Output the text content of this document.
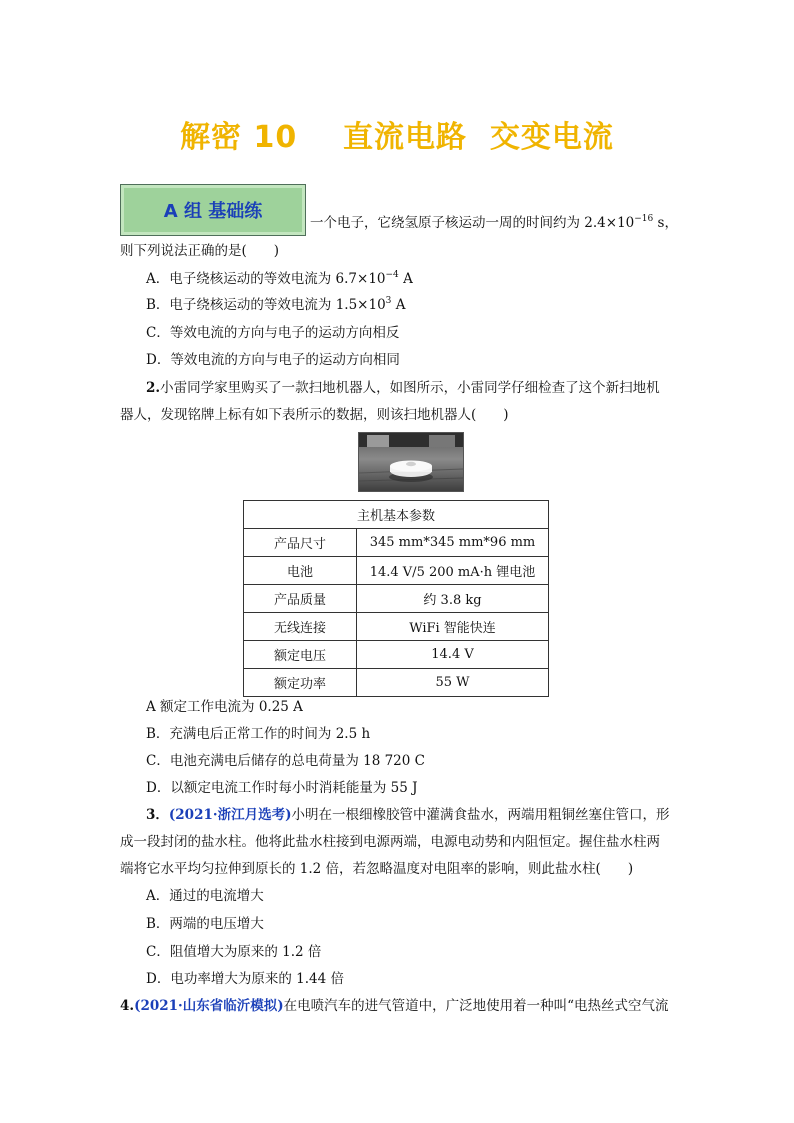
解密 10    直流电路  交变电流
A 组 基础练
一个电子，它绕氢原子核运动一周的时间约为 $2.4\times 10^{-16}$ s，
则下列说法正确的是(　　)
A．电子绕核运动的等效电流为 $6.7\times 10^{-4}$ A
B．电子绕核运动的等效电流为 $1.5\times 10^3$ A
C．等效电流的方向与电子的运动方向相反
D．等效电流的方向与电子的运动方向相同
2.小雷同学家里购买了一款扫地机器人，如图所示，小雷同学仔细检查了这个新扫地机
器人，发现铭牌上标有如下表所示的数据，则该扫地机器人(　　)
主机基本参数	
产品尺寸	345 mm*345 mm*96 mm
电池	14.4 V/5 200 mA·h 锂电池
产品质量	约 3.8 kg
无线连接	WiFi 智能快连
额定电压	14.4 V
额定功率	55 W
A 额定工作电流为 0.25 A
B．充满电后正常工作的时间为 2.5 h
C．电池充满电后储存的总电荷量为 18 720 C
D．以额定电流工作时每小时消耗能量为 55 J
3．(2021·浙江月选考)小明在一根细橡胶管中灌满食盐水，两端用粗铜丝塞住管口，形
成一段封闭的盐水柱。他将此盐水柱接到电源两端，电源电动势和内阻恒定。握住盐水柱两
端将它水平均匀拉伸到原长的 1.2 倍，若忽略温度对电阻率的影响，则此盐水柱(　　)
A．通过的电流增大
B．两端的电压增大
C．阻值增大为原来的 1.2 倍
D．电功率增大为原来的 1.44 倍
4.(2021·山东省临沂模拟)在电喷汽车的进气管道中，广泛地使用着一种叫“电热丝式空气流
